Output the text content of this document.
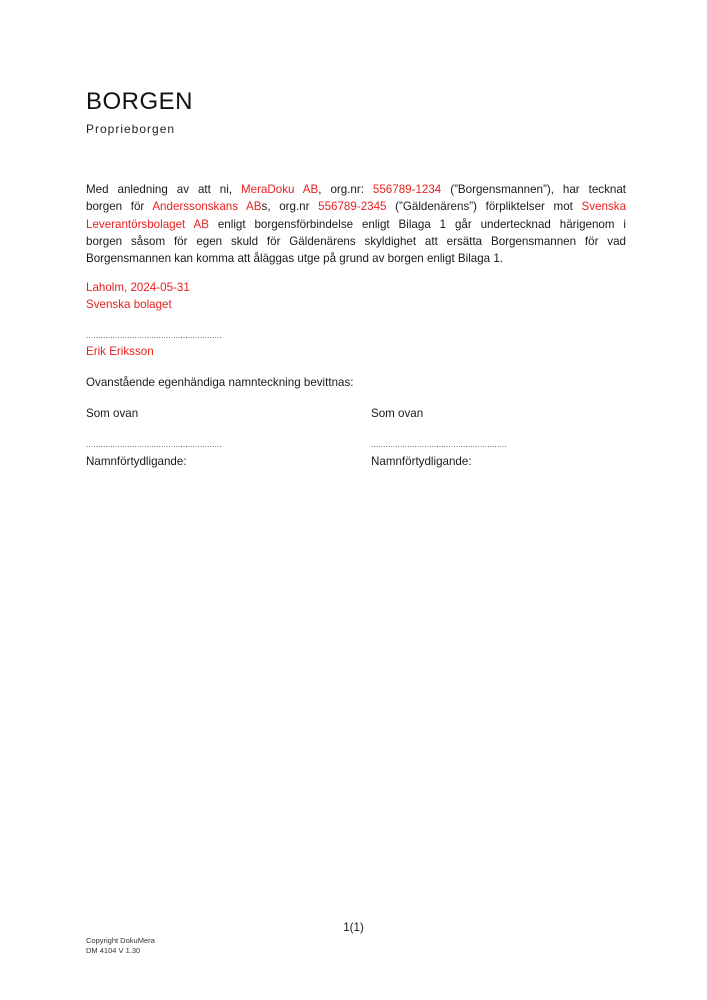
BORGEN
Proprieborgen

Med anledning av att ni, MeraDoku AB, org.nr: 556789-1234 (”Borgensmannen”), har tecknat
borgen för Anderssonskans ABs, org.nr 556789-2345 (”Gäldenärens”) förpliktelser mot Svenska
Leverantörsbolaget AB enligt borgensförbindelse enligt Bilaga 1 går undertecknad härigenom i
borgen såsom för egen skuld för Gäldenärens skyldighet att ersätta Borgensmannen för vad
Borgensmannen kan komma att åläggas utge på grund av borgen enligt Bilaga 1.

Laholm, 2024-05-31
Svenska bolaget
........................................................
Erik Eriksson
Ovanstående egenhändiga namnteckning bevittnas:
Som ovan	Som ovan
........................................................	........................................................
Namnförtydligande:	Namnförtydligande:
1(1)
Copyright DokuMera
DM 4104 V 1.30
